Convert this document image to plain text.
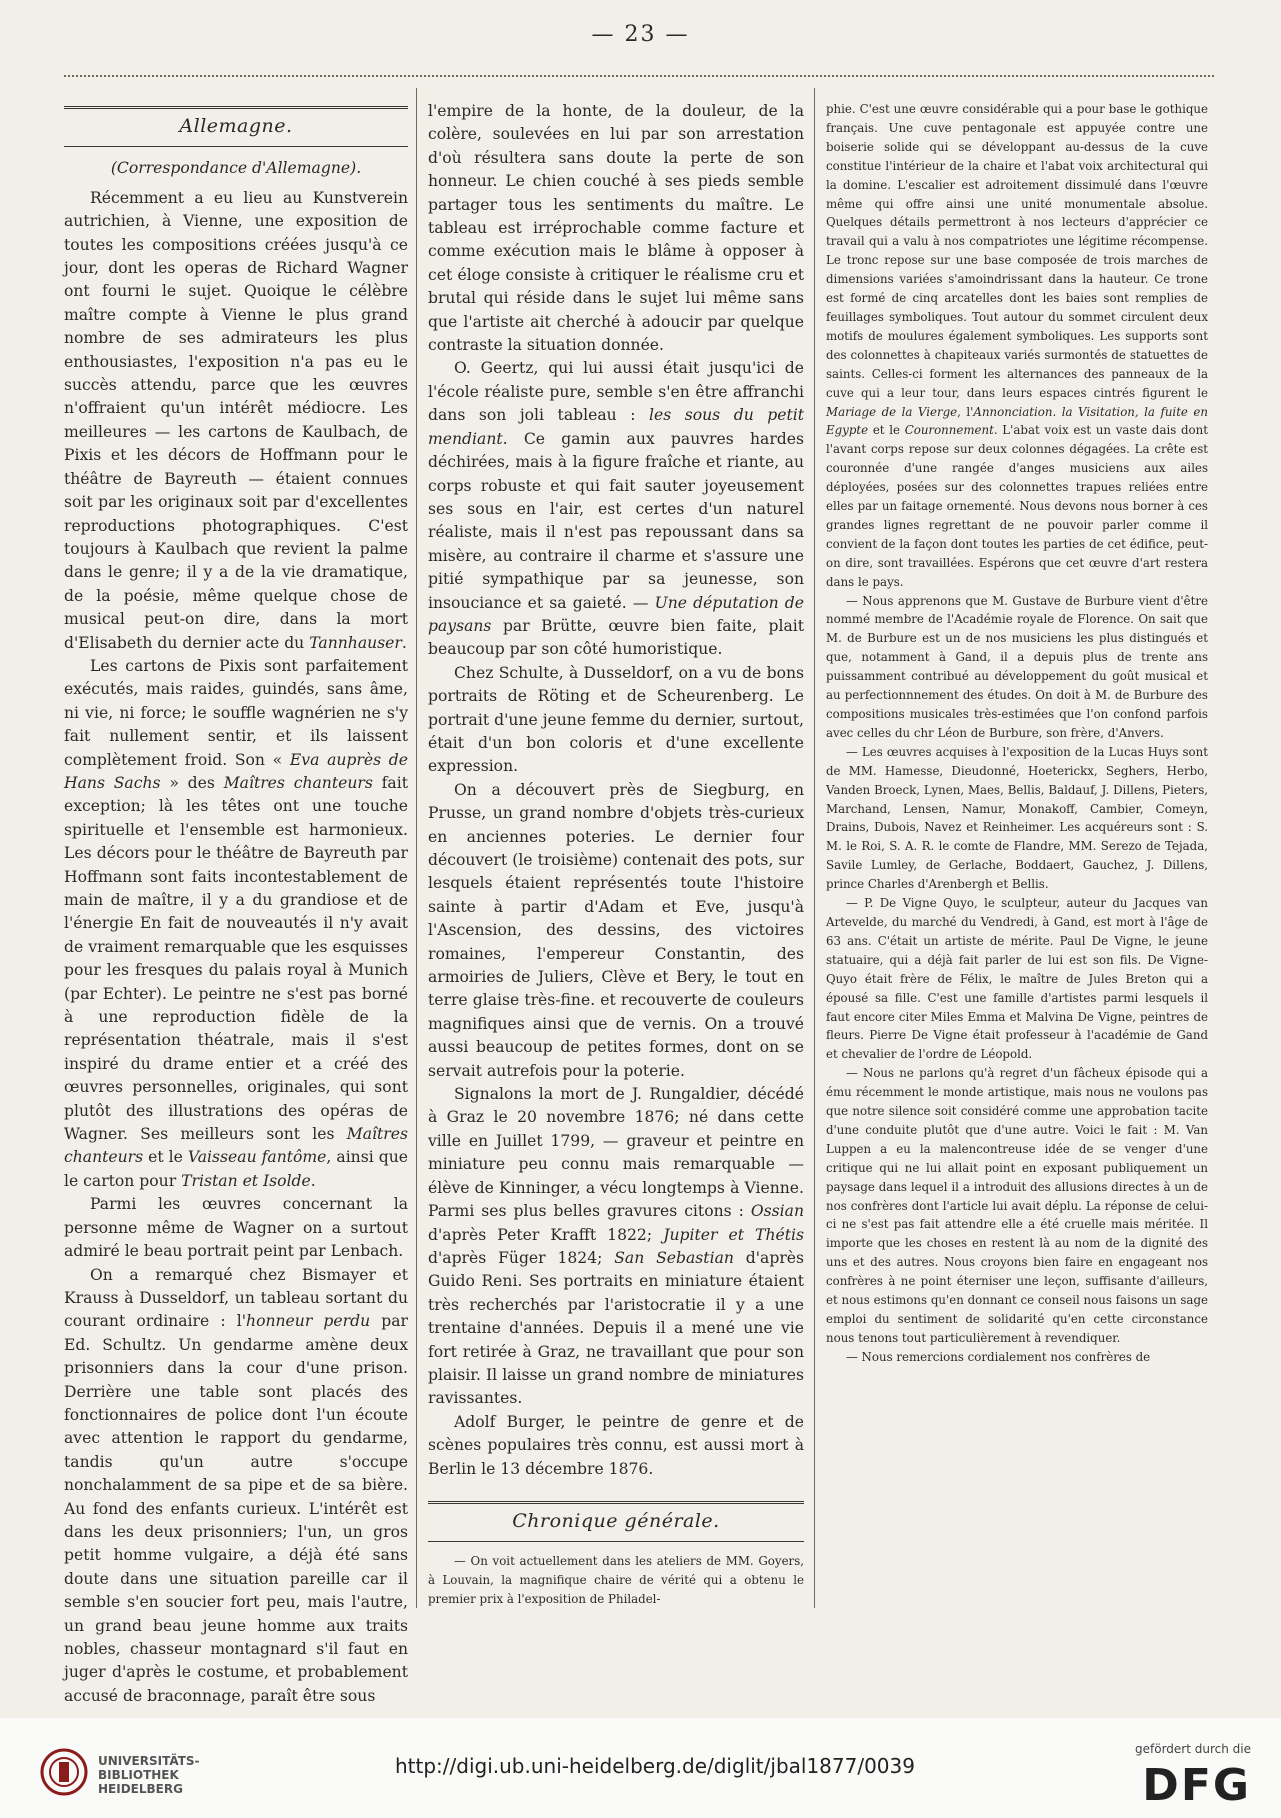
— 23 —
Allemagne.

(Correspondance d'Allemagne).

Récemment a eu lieu au Kunstverein autrichien, à Vienne, une exposition de toutes les compositions créées jusqu'à ce jour, dont les operas de Richard Wagner ont fourni le sujet. Quoique le célèbre maître compte à Vienne le plus grand nombre de ses admirateurs les plus enthousiastes, l'exposition n'a pas eu le succès attendu, parce que les œuvres n'offraient qu'un intérêt médiocre. Les meilleures — les cartons de Kaulbach, de Pixis et les décors de Hoffmann pour le théâtre de Bayreuth — étaient connues soit par les originaux soit par d'excellentes reproductions photographiques. C'est toujours à Kaulbach que revient la palme dans le genre; il y a de la vie dramatique, de la poésie, même quelque chose de musical peut-on dire, dans la mort d'Elisabeth du dernier acte du Tannhauser.

Les cartons de Pixis sont parfaitement exécutés, mais raides, guindés, sans âme, ni vie, ni force; le souffle wagnérien ne s'y fait nullement sentir, et ils laissent complètement froid. Son « Eva auprès de Hans Sachs » des Maîtres chanteurs fait exception; là les têtes ont une touche spirituelle et l'ensemble est harmonieux. Les décors pour le théâtre de Bayreuth par Hoffmann sont faits incontestablement de main de maître, il y a du grandiose et de l'énergie En fait de nouveautés il n'y avait de vraiment remarquable que les esquisses pour les fresques du palais royal à Munich (par Echter). Le peintre ne s'est pas borné à une reproduction fidèle de la représentation théatrale, mais il s'est inspiré du drame entier et a créé des œuvres personnelles, originales, qui sont plutôt des illustrations des opéras de Wagner. Ses meilleurs sont les Maîtres chanteurs et le Vaisseau fantôme, ainsi que le carton pour Tristan et Isolde.

Parmi les œuvres concernant la personne même de Wagner on a surtout admiré le beau portrait peint par Lenbach.

On a remarqué chez Bismayer et Krauss à Dusseldorf, un tableau sortant du courant ordinaire : l'honneur perdu par Ed. Schultz. Un gendarme amène deux prisonniers dans la cour d'une prison. Derrière une table sont placés des fonctionnaires de police dont l'un écoute avec attention le rapport du gendarme, tandis qu'un autre s'occupe nonchalamment de sa pipe et de sa bière. Au fond des enfants curieux. L'intérêt est dans les deux prisonniers; l'un, un gros petit homme vulgaire, a déjà été sans doute dans une situation pareille car il semble s'en soucier fort peu, mais l'autre, un grand beau jeune homme aux traits nobles, chasseur montagnard s'il faut en juger d'après le costume, et probablement accusé de braconnage, paraît être sous

l'empire de la honte, de la douleur, de la colère, soulevées en lui par son arrestation d'où résultera sans doute la perte de son honneur. Le chien couché à ses pieds semble partager tous les sentiments du maître. Le tableau est irréprochable comme facture et comme exécution mais le blâme à opposer à cet éloge consiste à critiquer le réalisme cru et brutal qui réside dans le sujet lui même sans que l'artiste ait cherché à adoucir par quelque contraste la situation donnée.

O. Geertz, qui lui aussi était jusqu'ici de l'école réaliste pure, semble s'en être affranchi dans son joli tableau : les sous du petit mendiant. Ce gamin aux pauvres hardes déchirées, mais à la figure fraîche et riante, au corps robuste et qui fait sauter joyeusement ses sous en l'air, est certes d'un naturel réaliste, mais il n'est pas repoussant dans sa misère, au contraire il charme et s'assure une pitié sympathique par sa jeunesse, son insouciance et sa gaieté. — Une députation de paysans par Brütte, œuvre bien faite, plait beaucoup par son côté humoristique.

Chez Schulte, à Dusseldorf, on a vu de bons portraits de Röting et de Scheurenberg. Le portrait d'une jeune femme du dernier, surtout, était d'un bon coloris et d'une excellente expression.

On a découvert près de Siegburg, en Prusse, un grand nombre d'objets très-curieux en anciennes poteries. Le dernier four découvert (le troisième) contenait des pots, sur lesquels étaient représentés toute l'histoire sainte à partir d'Adam et Eve, jusqu'à l'Ascension, des dessins, des victoires romaines, l'empereur Constantin, des armoiries de Juliers, Clève et Bery, le tout en terre glaise très-fine. et recouverte de couleurs magnifiques ainsi que de vernis. On a trouvé aussi beaucoup de petites formes, dont on se servait autrefois pour la poterie.

Signalons la mort de J. Rungaldier, décédé à Graz le 20 novembre 1876; né dans cette ville en Juillet 1799, — graveur et peintre en miniature peu connu mais remarquable — élève de Kinninger, a vécu longtemps à Vienne. Parmi ses plus belles gravures citons : Ossian d'après Peter Krafft 1822; Jupiter et Thétis d'après Füger 1824; San Sebastian d'après Guido Reni. Ses portraits en miniature étaient très recherchés par l'aristocratie il y a une trentaine d'années. Depuis il a mené une vie fort retirée à Graz, ne travaillant que pour son plaisir. Il laisse un grand nombre de miniatures ravissantes.

Adolf Burger, le peintre de genre et de scènes populaires très connu, est aussi mort à Berlin le 13 décembre 1876.

Chronique générale.

— On voit actuellement dans les ateliers de MM. Goyers, à Louvain, la magnifique chaire de vérité qui a obtenu le premier prix à l'exposition de Philadel-

phie. C'est une œuvre considérable qui a pour base le gothique français. Une cuve pentagonale est appuyée contre une boiserie solide qui se développant au-dessus de la cuve constitue l'intérieur de la chaire et l'abat voix architectural qui la domine. L'escalier est adroitement dissimulé dans l'œuvre même qui offre ainsi une unité monumentale absolue. Quelques détails permettront à nos lecteurs d'apprécier ce travail qui a valu à nos compatriotes une légitime récompense. Le tronc repose sur une base composée de trois marches de dimensions variées s'amoindrissant dans la hauteur. Ce trone est formé de cinq arcatelles dont les baies sont remplies de feuillages symboliques. Tout autour du sommet circulent deux motifs de moulures également symboliques. Les supports sont des colonnettes à chapiteaux variés surmontés de statuettes de saints. Celles-ci forment les alternances des panneaux de la cuve qui a leur tour, dans leurs espaces cintrés figurent le Mariage de la Vierge, l'Annonciation. la Visitation, la fuite en Egypte et le Couronnement. L'abat voix est un vaste dais dont l'avant corps repose sur deux colonnes dégagées. La crête est couronnée d'une rangée d'anges musiciens aux ailes déployées, posées sur des colonnettes trapues reliées entre elles par un faitage ornementé. Nous devons nous borner à ces grandes lignes regrettant de ne pouvoir parler comme il convient de la façon dont toutes les parties de cet édifice, peut-on dire, sont travaillées. Espérons que cet œuvre d'art restera dans le pays.

— Nous apprenons que M. Gustave de Burbure vient d'être nommé membre de l'Académie royale de Florence. On sait que M. de Burbure est un de nos musiciens les plus distingués et que, notamment à Gand, il a depuis plus de trente ans puissamment contribué au développement du goût musical et au perfectionnnement des études. On doit à M. de Burbure des compositions musicales très-estimées que l'on confond parfois avec celles du chr Léon de Burbure, son frère, d'Anvers.

— Les œuvres acquises à l'exposition de la Lucas Huys sont de MM. Hamesse, Dieudonné, Hoeterickx, Seghers, Herbo, Vanden Broeck, Lynen, Maes, Bellis, Baldauf, J. Dillens, Pieters, Marchand, Lensen, Namur, Monakoff, Cambier, Comeyn, Drains, Dubois, Navez et Reinheimer. Les acquéreurs sont : S. M. le Roi, S. A. R. le comte de Flandre, MM. Serezo de Tejada, Savile Lumley, de Gerlache, Boddaert, Gauchez, J. Dillens, prince Charles d'Arenbergh et Bellis.

— P. De Vigne Quyo, le sculpteur, auteur du Jacques van Artevelde, du marché du Vendredi, à Gand, est mort à l'âge de 63 ans. C'était un artiste de mérite. Paul De Vigne, le jeune statuaire, qui a déjà fait parler de lui est son fils. De Vigne-Quyo était frère de Félix, le maître de Jules Breton qui a épousé sa fille. C'est une famille d'artistes parmi lesquels il faut encore citer Miles Emma et Malvina De Vigne, peintres de fleurs. Pierre De Vigne était professeur à l'académie de Gand et chevalier de l'ordre de Léopold.

— Nous ne parlons qu'à regret d'un fâcheux épisode qui a ému récemment le monde artistique, mais nous ne voulons pas que notre silence soit considéré comme une approbation tacite d'une conduite plutôt que d'une autre. Voici le fait : M. Van Luppen a eu la malencontreuse idée de se venger d'une critique qui ne lui allait point en exposant publiquement un paysage dans lequel il a introduit des allusions directes à un de nos confrères dont l'article lui avait déplu. La réponse de celui-ci ne s'est pas fait attendre elle a été cruelle mais méritée. Il importe que les choses en restent là au nom de la dignité des uns et des autres. Nous croyons bien faire en engageant nos confrères à ne point éterniser une leçon, suffisante d'ailleurs, et nous estimons qu'en donnant ce conseil nous faisons un sage emploi du sentiment de solidarité qu'en cette circonstance nous tenons tout particulièrement à revendiquer.

— Nous remercions cordialement nos confrères de

UNIVERSITÄTS-
BIBLIOTHEK
HEIDELBERG
http://digi.ub.uni-heidelberg.de/diglit/jbal1877/0039
gefördert durch die
DFG
